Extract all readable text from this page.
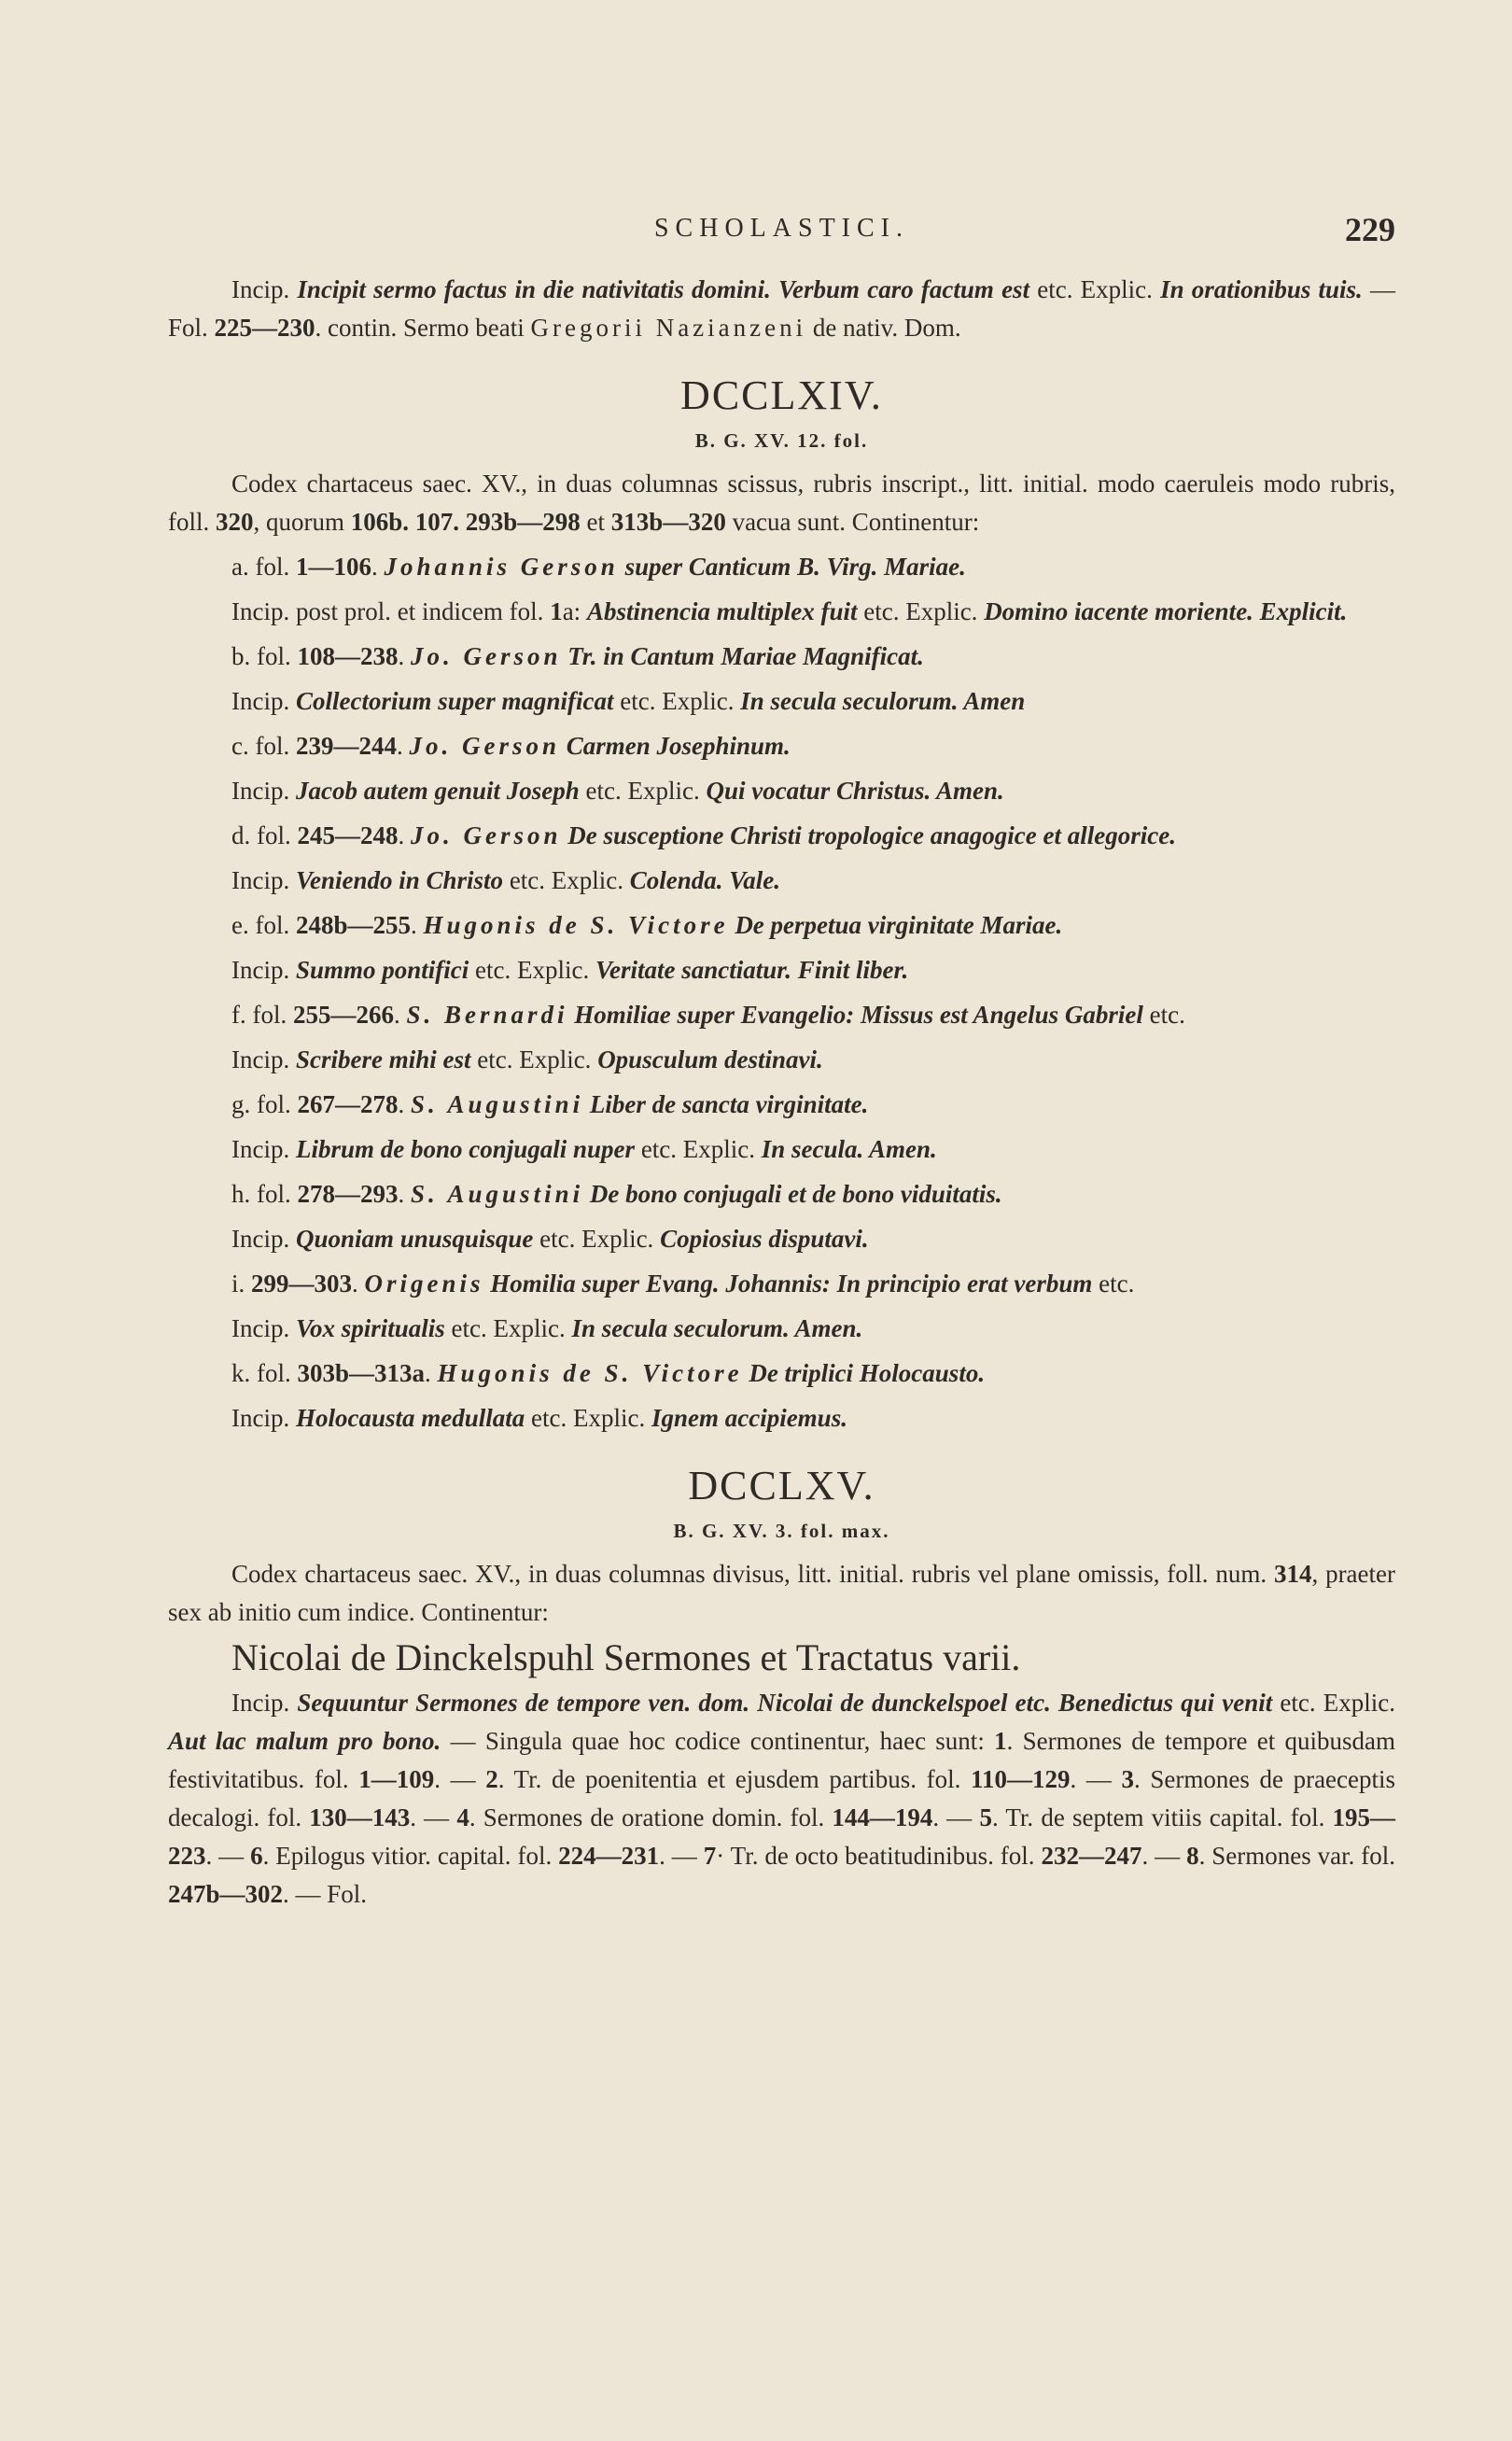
SCHOLASTICI.	229

Incip. Incipit sermo factus in die nativitatis domini. Verbum caro factum est etc. Explic. In orationibus tuis. — Fol. 225—230. contin. Sermo beati Gregorii Nazianzeni de nativ. Dom.

DCCLXIV.
B. G. XV. 12. fol.

Codex chartaceus saec. XV., in duas columnas scissus, rubris inscript., litt. initial. modo caeruleis modo rubris, foll. 320, quorum 106b. 107. 293b—298 et 313b—320 vacua sunt. Continentur:

a. fol. 1—106. Johannis Gerson super Canticum B. Virg. Mariae.

Incip. post prol. et indicem fol. 1a: Abstinencia multiplex fuit etc. Explic. Domino iacente moriente. Explicit.

b. fol. 108—238. Jo. Gerson Tr. in Cantum Mariae Magnificat.

Incip. Collectorium super magnificat etc. Explic. In secula seculorum. Amen

c. fol. 239—244. Jo. Gerson Carmen Josephinum.

Incip. Jacob autem genuit Joseph etc. Explic. Qui vocatur Christus. Amen.

d. fol. 245—248. Jo. Gerson De susceptione Christi tropologice anagogice et allegorice.

Incip. Veniendo in Christo etc. Explic. Colenda. Vale.

e. fol. 248b—255. Hugonis de S. Victore De perpetua virginitate Mariae.

Incip. Summo pontifici etc. Explic. Veritate sanctiatur. Finit liber.

f. fol. 255—266. S. Bernardi Homiliae super Evangelio: Missus est Angelus Gabriel etc.

Incip. Scribere mihi est etc. Explic. Opusculum destinavi.

g. fol. 267—278. S. Augustini Liber de sancta virginitate.

Incip. Librum de bono conjugali nuper etc. Explic. In secula. Amen.

h. fol. 278—293. S. Augustini De bono conjugali et de bono viduitatis.

Incip. Quoniam unusquisque etc. Explic. Copiosius disputavi.

i. 299—303. Origenis Homilia super Evang. Johannis: In principio erat verbum etc.

Incip. Vox spiritualis etc. Explic. In secula seculorum. Amen.

k. fol. 303b—313a. Hugonis de S. Victore De triplici Holocausto.

Incip. Holocausta medullata etc. Explic. Ignem accipiemus.

DCCLXV.
B. G. XV. 3. fol. max.

Codex chartaceus saec. XV., in duas columnas divisus, litt. initial. rubris vel plane omissis, foll. num. 314, praeter sex ab initio cum indice. Continentur:

Nicolai de Dinckelspuhl Sermones et Tractatus varii.

Incip. Sequuntur Sermones de tempore ven. dom. Nicolai de dunckelspoel etc. Benedictus qui venit etc. Explic. Aut lac malum pro bono. — Singula quae hoc codice continentur, haec sunt: 1. Sermones de tempore et quibusdam festivitatibus. fol. 1—109. — 2. Tr. de poenitentia et ejusdem partibus. fol. 110—129. — 3. Sermones de praeceptis decalogi. fol. 130—143. — 4. Sermones de oratione domin. fol. 144—194. — 5. Tr. de septem vitiis capital. fol. 195—223. — 6. Epilogus vitior. capital. fol. 224—231. — 7· Tr. de octo beatitudinibus. fol. 232—247. — 8. Sermones var. fol. 247b—302. — Fol.
